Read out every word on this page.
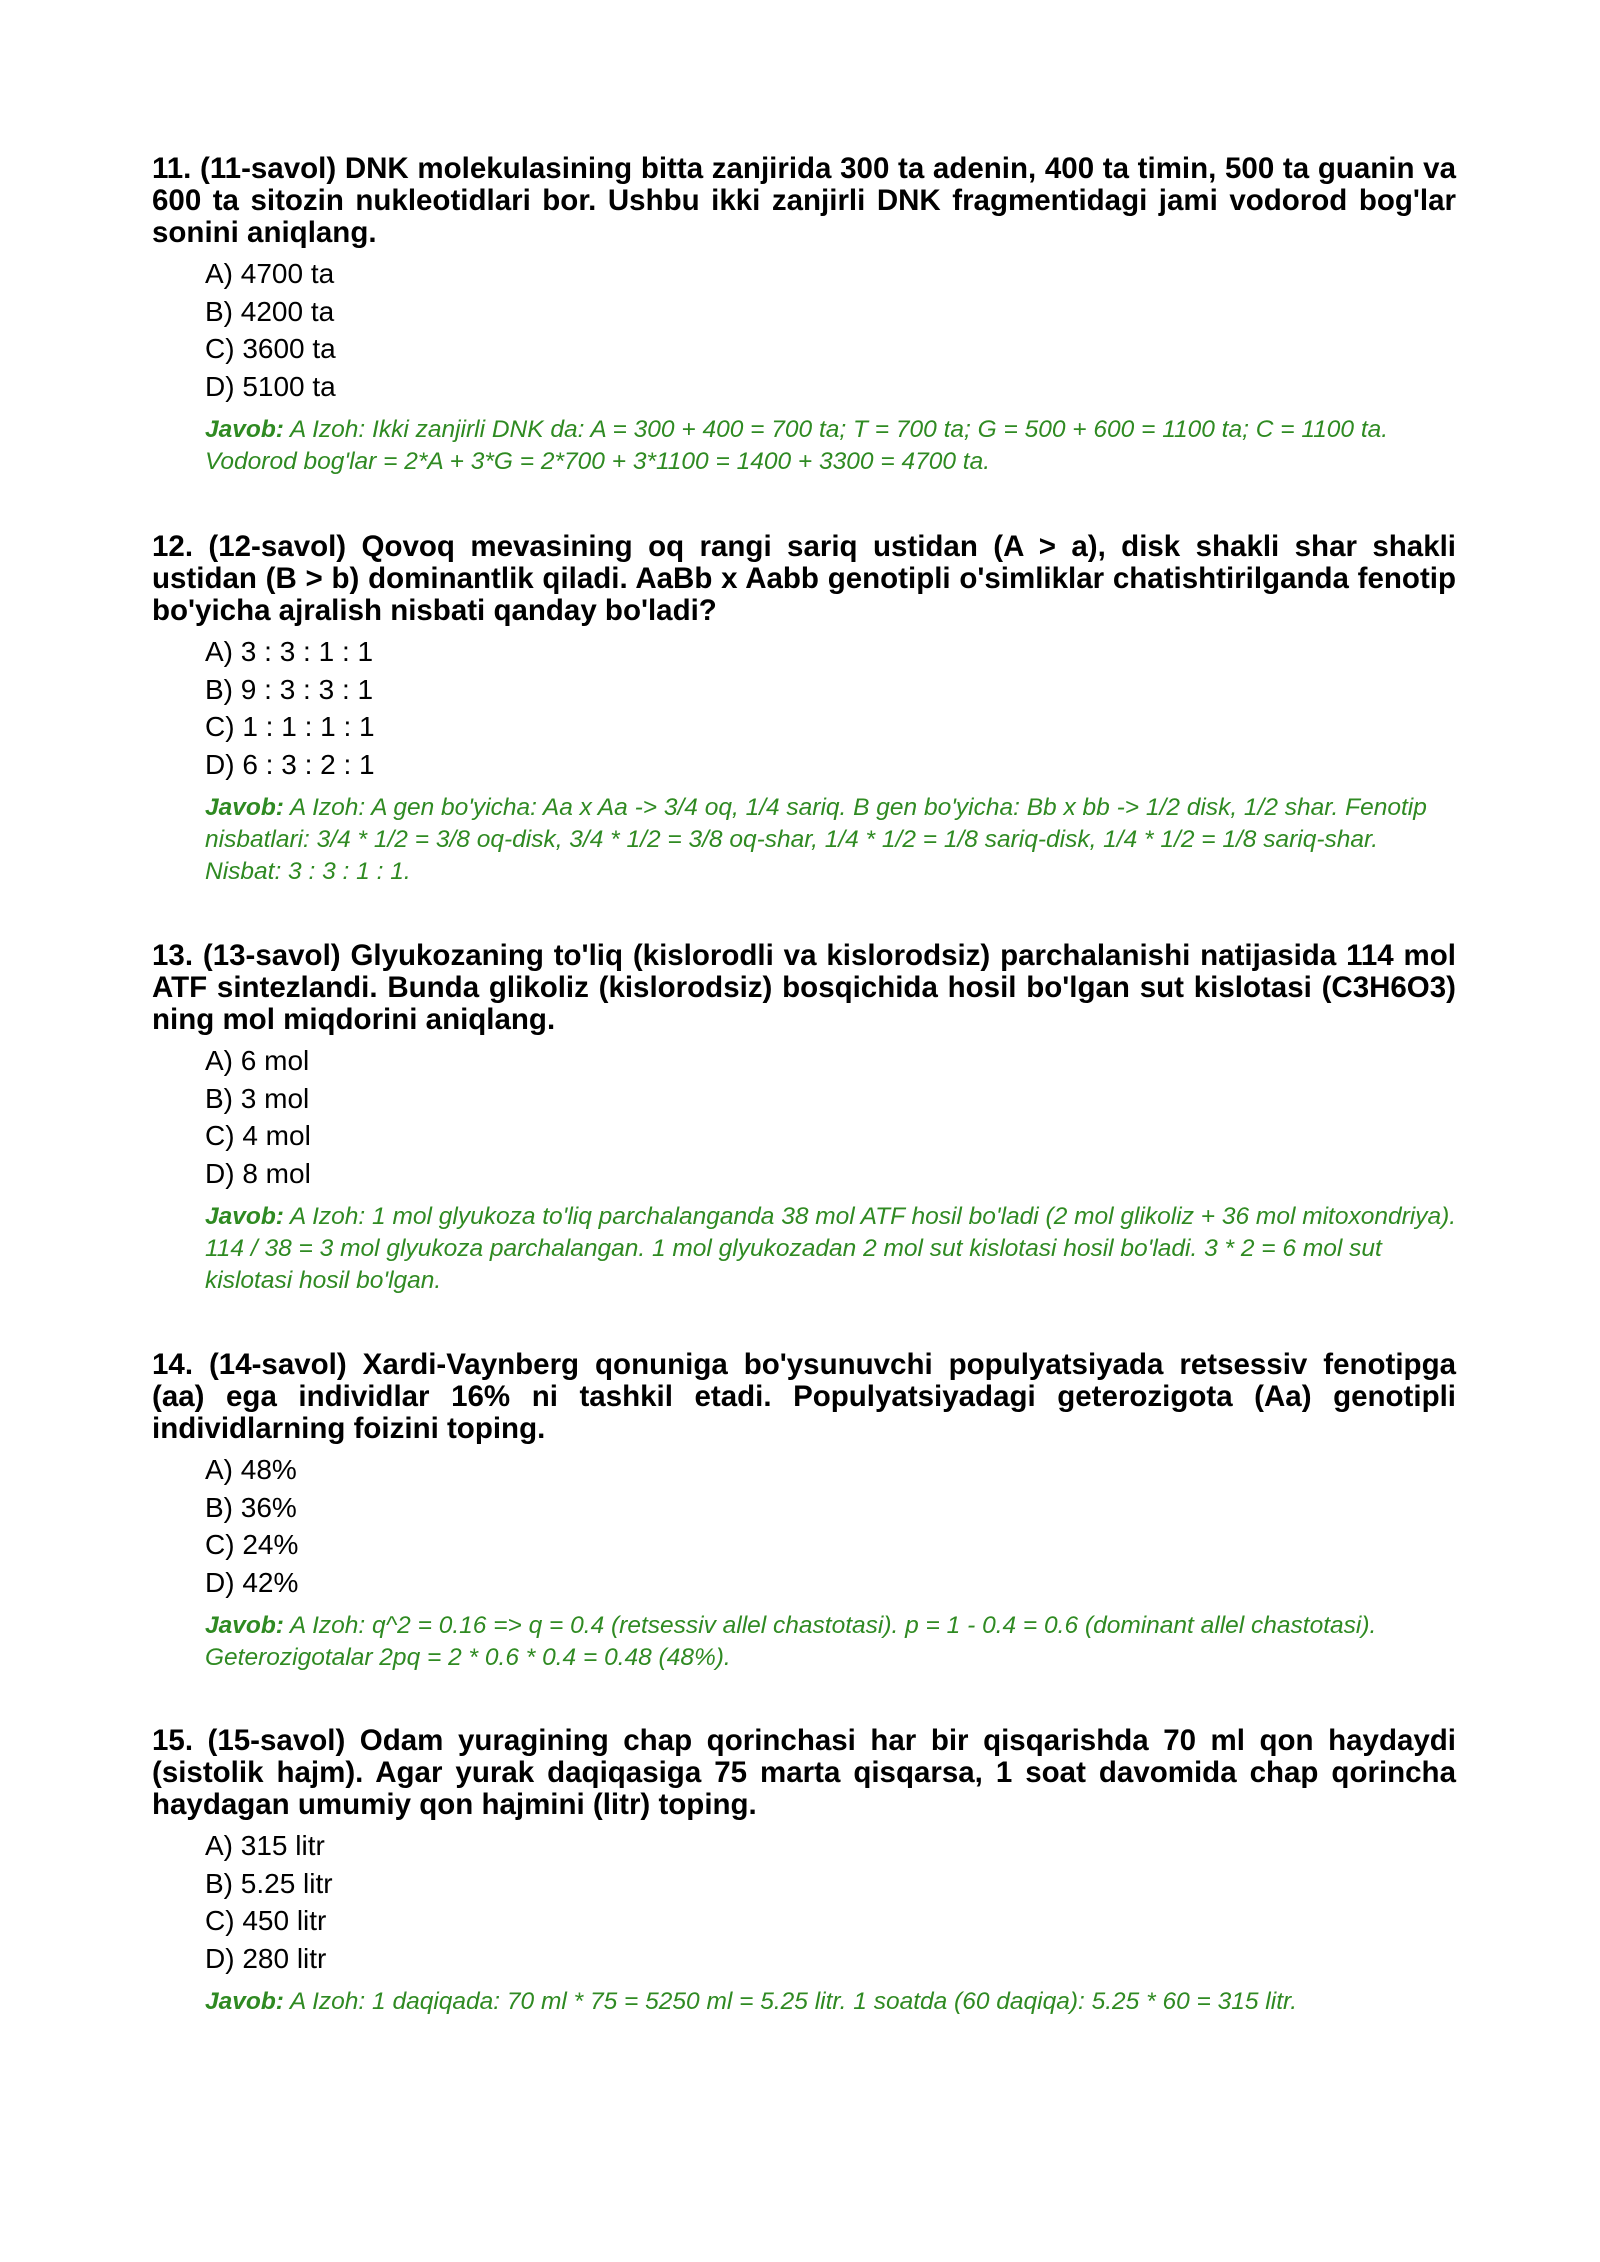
11. (11-savol) DNK molekulasining bitta zanjirida 300 ta adenin, 400 ta timin, 500 ta guanin va 600 ta sitozin nukleotidlari bor. Ushbu ikki zanjirli DNK fragmentidagi jami vodorod bog'lar sonini aniqlang.

A) 4700 ta
B) 4200 ta
C) 3600 ta
D) 5100 ta
Javob: A Izoh: Ikki zanjirli DNK da: A = 300 + 400 = 700 ta; T = 700 ta; G = 500 + 600 = 1100 ta; C = 1100 ta. Vodorod bog'lar = 2*A + 3*G = 2*700 + 3*1100 = 1400 + 3300 = 4700 ta.

12. (12-savol) Qovoq mevasining oq rangi sariq ustidan (A > a), disk shakli shar shakli ustidan (B > b) dominantlik qiladi. AaBb x Aabb genotipli o'simliklar chatishtirilganda fenotip bo'yicha ajralish nisbati qanday bo'ladi?

A) 3 : 3 : 1 : 1
B) 9 : 3 : 3 : 1
C) 1 : 1 : 1 : 1
D) 6 : 3 : 2 : 1
Javob: A Izoh: A gen bo'yicha: Aa x Aa -> 3/4 oq, 1/4 sariq. B gen bo'yicha: Bb x bb -> 1/2 disk, 1/2 shar. Fenotip nisbatlari: 3/4 * 1/2 = 3/8 oq-disk, 3/4 * 1/2 = 3/8 oq-shar, 1/4 * 1/2 = 1/8 sariq-disk, 1/4 * 1/2 = 1/8 sariq-shar. Nisbat: 3 : 3 : 1 : 1.

13. (13-savol) Glyukozaning to'liq (kislorodli va kislorodsiz) parchalanishi natijasida 114 mol ATF sintezlandi. Bunda glikoliz (kislorodsiz) bosqichida hosil bo'lgan sut kislotasi (C3H6O3) ning mol miqdorini aniqlang.

A) 6 mol
B) 3 mol
C) 4 mol
D) 8 mol
Javob: A Izoh: 1 mol glyukoza to'liq parchalanganda 38 mol ATF hosil bo'ladi (2 mol glikoliz + 36 mol mitoxondriya). 114 / 38 = 3 mol glyukoza parchalangan. 1 mol glyukozadan 2 mol sut kislotasi hosil bo'ladi. 3 * 2 = 6 mol sut kislotasi hosil bo'lgan.

14. (14-savol) Xardi-Vaynberg qonuniga bo'ysunuvchi populyatsiyada retsessiv fenotipga (aa) ega individlar 16% ni tashkil etadi. Populyatsiyadagi geterozigota (Aa) genotipli individlarning foizini toping.

A) 48%
B) 36%
C) 24%
D) 42%
Javob: A Izoh: q^2 = 0.16 => q = 0.4 (retsessiv allel chastotasi). p = 1 - 0.4 = 0.6 (dominant allel chastotasi). Geterozigotalar 2pq = 2 * 0.6 * 0.4 = 0.48 (48%).

15. (15-savol) Odam yuragining chap qorinchasi har bir qisqarishda 70 ml qon haydaydi (sistolik hajm). Agar yurak daqiqasiga 75 marta qisqarsa, 1 soat davomida chap qorincha haydagan umumiy qon hajmini (litr) toping.

A) 315 litr
B) 5.25 litr
C) 450 litr
D) 280 litr
Javob: A Izoh: 1 daqiqada: 70 ml * 75 = 5250 ml = 5.25 litr. 1 soatda (60 daqiqa): 5.25 * 60 = 315 litr.
